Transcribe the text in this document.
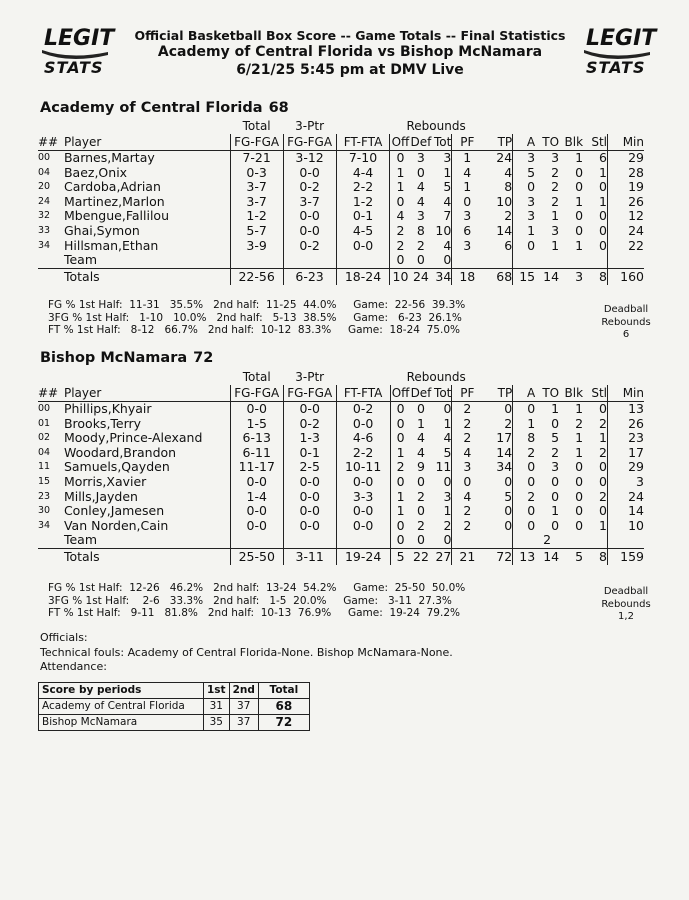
LEGIT
STATS
LEGIT
STATS
Official Basketball Box Score -- Game Totals -- Final Statistics
Academy of Central Florida vs Bishop McNamara
6/21/25 5:45 pm at DMV Live
Academy of Central Florida 68
		Total	3-Ptr		Rebounds									
##	Player	FG-FGA	FG-FGA	FT-FTA	Off	Def	Tot	PF	TP	A	TO	Blk	Stl	Min
00	Barnes,Martay	7-21	3-12	7-10	0	3	3	1	24	3	3	1	6	29
04	Baez,Onix	0-3	0-0	4-4	1	0	1	4	4	5	2	0	1	28
20	Cardoba,Adrian	3-7	0-2	2-2	1	4	5	1	8	0	2	0	0	19
24	Martinez,Marlon	3-7	3-7	1-2	0	4	4	0	10	3	2	1	1	26
32	Mbengue,Fallilou	1-2	0-0	0-1	4	3	7	3	2	3	1	0	0	12
33	Ghai,Symon	5-7	0-0	4-5	2	8	10	6	14	1	3	0	0	24
34	Hillsman,Ethan	3-9	0-2	0-0	2	2	4	3	6	0	1	1	0	22
	Team				0	0	0							
	Totals	22-56	6-23	18-24	10	24	34	18	68	15	14	3	8	160
FG % 1st Half:  11-31   35.5%   2nd half:  11-25  44.0%     Game:  22-56  39.3%
3FG % 1st Half:   1-10   10.0%   2nd half:   5-13  38.5%     Game:   6-23  26.1%
FT % 1st Half:   8-12   66.7%   2nd half:  10-12  83.3%     Game:  18-24  75.0%
Deadball
Rebounds
6
Bishop McNamara 72
		Total	3-Ptr		Rebounds									
##	Player	FG-FGA	FG-FGA	FT-FTA	Off	Def	Tot	PF	TP	A	TO	Blk	Stl	Min
00	Phillips,Khyair	0-0	0-0	0-2	0	0	0	2	0	0	1	1	0	13
01	Brooks,Terry	1-5	0-2	0-0	0	1	1	2	2	1	0	2	2	26
02	Moody,Prince-Alexand	6-13	1-3	4-6	0	4	4	2	17	8	5	1	1	23
04	Woodard,Brandon	6-11	0-1	2-2	1	4	5	4	14	2	2	1	2	17
11	Samuels,Qayden	11-17	2-5	10-11	2	9	11	3	34	0	3	0	0	29
15	Morris,Xavier	0-0	0-0	0-0	0	0	0	0	0	0	0	0	0	3
23	Mills,Jayden	1-4	0-0	3-3	1	2	3	4	5	2	0	0	2	24
30	Conley,Jamesen	0-0	0-0	0-0	1	0	1	2	0	0	1	0	0	14
34	Van Norden,Cain	0-0	0-0	0-0	0	2	2	2	0	0	0	0	1	10
	Team				0	0	0				2			
	Totals	25-50	3-11	19-24	5	22	27	21	72	13	14	5	8	159
FG % 1st Half:  12-26   46.2%   2nd half:  13-24  54.2%     Game:  25-50  50.0%
3FG % 1st Half:    2-6   33.3%   2nd half:   1-5  20.0%     Game:   3-11  27.3%
FT % 1st Half:   9-11   81.8%   2nd half:  10-13  76.9%     Game:  19-24  79.2%
Deadball
Rebounds
1,2
Officials:
Technical fouls: Academy of Central Florida-None. Bishop McNamara-None.
Attendance:
Score by periods	1st	2nd	Total
Academy of Central Florida	31	37	68
Bishop McNamara	35	37	72
